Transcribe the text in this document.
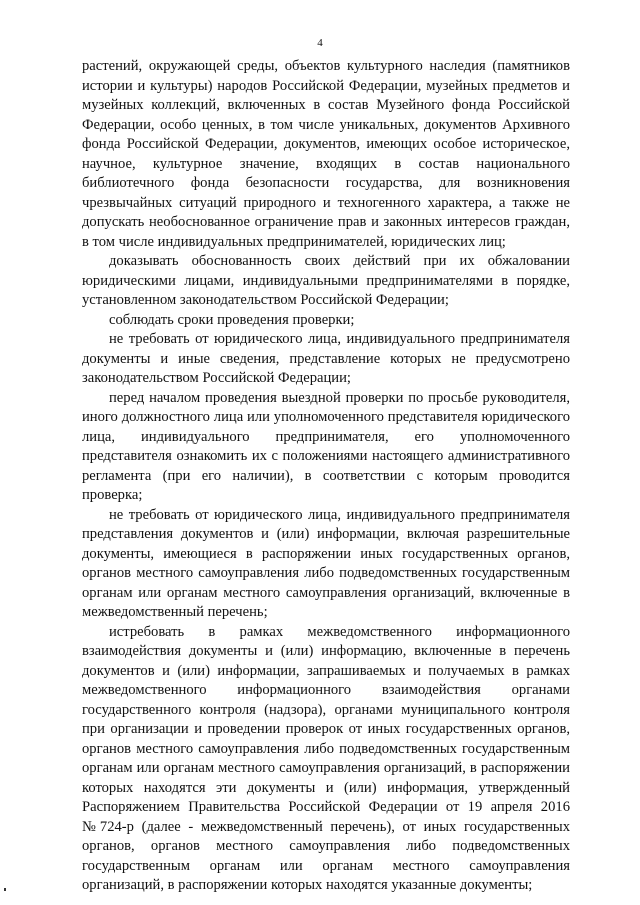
4

растений, окружающей среды, объектов культурного наследия (памятников истории и культуры) народов Российской Федерации, музейных предметов и музейных коллекций, включенных в состав Музейного фонда Российской Федерации, особо ценных, в том числе уникальных, документов Архивного фонда Российской Федерации, документов, имеющих особое историческое, научное, культурное значение, входящих в состав национального библиотечного фонда безопасности государства, для возникновения чрезвычайных ситуаций природного и техногенного характера, а также не допускать необоснованное ограничение прав и законных интересов граждан, в том числе индивидуальных предпринимателей, юридических лиц;

доказывать обоснованность своих действий при их обжаловании юридическими лицами, индивидуальными предпринимателями в порядке, установленном законодательством Российской Федерации;

соблюдать сроки проведения проверки;

не требовать от юридического лица, индивидуального предпринимателя документы и иные сведения, представление которых не предусмотрено законодательством Российской Федерации;

перед началом проведения выездной проверки по просьбе руководителя, иного должностного лица или уполномоченного представителя юридического лица, индивидуального предпринимателя, его уполномоченного представителя ознакомить их с положениями настоящего административного регламента (при его наличии), в соответствии с которым проводится проверка;

не требовать от юридического лица, индивидуального предпринимателя представления документов и (или) информации, включая разрешительные документы, имеющиеся в распоряжении иных государственных органов, органов местного самоуправления либо подведомственных государственным органам или органам местного самоуправления организаций, включенные в межведомственный перечень;

истребовать в рамках межведомственного информационного взаимодействия документы и (или) информацию, включенные в перечень документов и (или) информации, запрашиваемых и получаемых в рамках межведомственного информационного взаимодействия органами государственного контроля (надзора), органами муниципального контроля при организации и проведении проверок от иных государственных органов, органов местного самоуправления либо подведомственных государственным органам или органам местного самоуправления организаций, в распоряжении которых находятся эти документы и (или) информация, утвержденный Распоряжением Правительства Российской Федерации от 19 апреля 2016 №724-р (далее - межведомственный перечень), от иных государственных органов, органов местного самоуправления либо подведомственных государственным органам или органам местного самоуправления организаций, в распоряжении которых находятся указанные документы;
